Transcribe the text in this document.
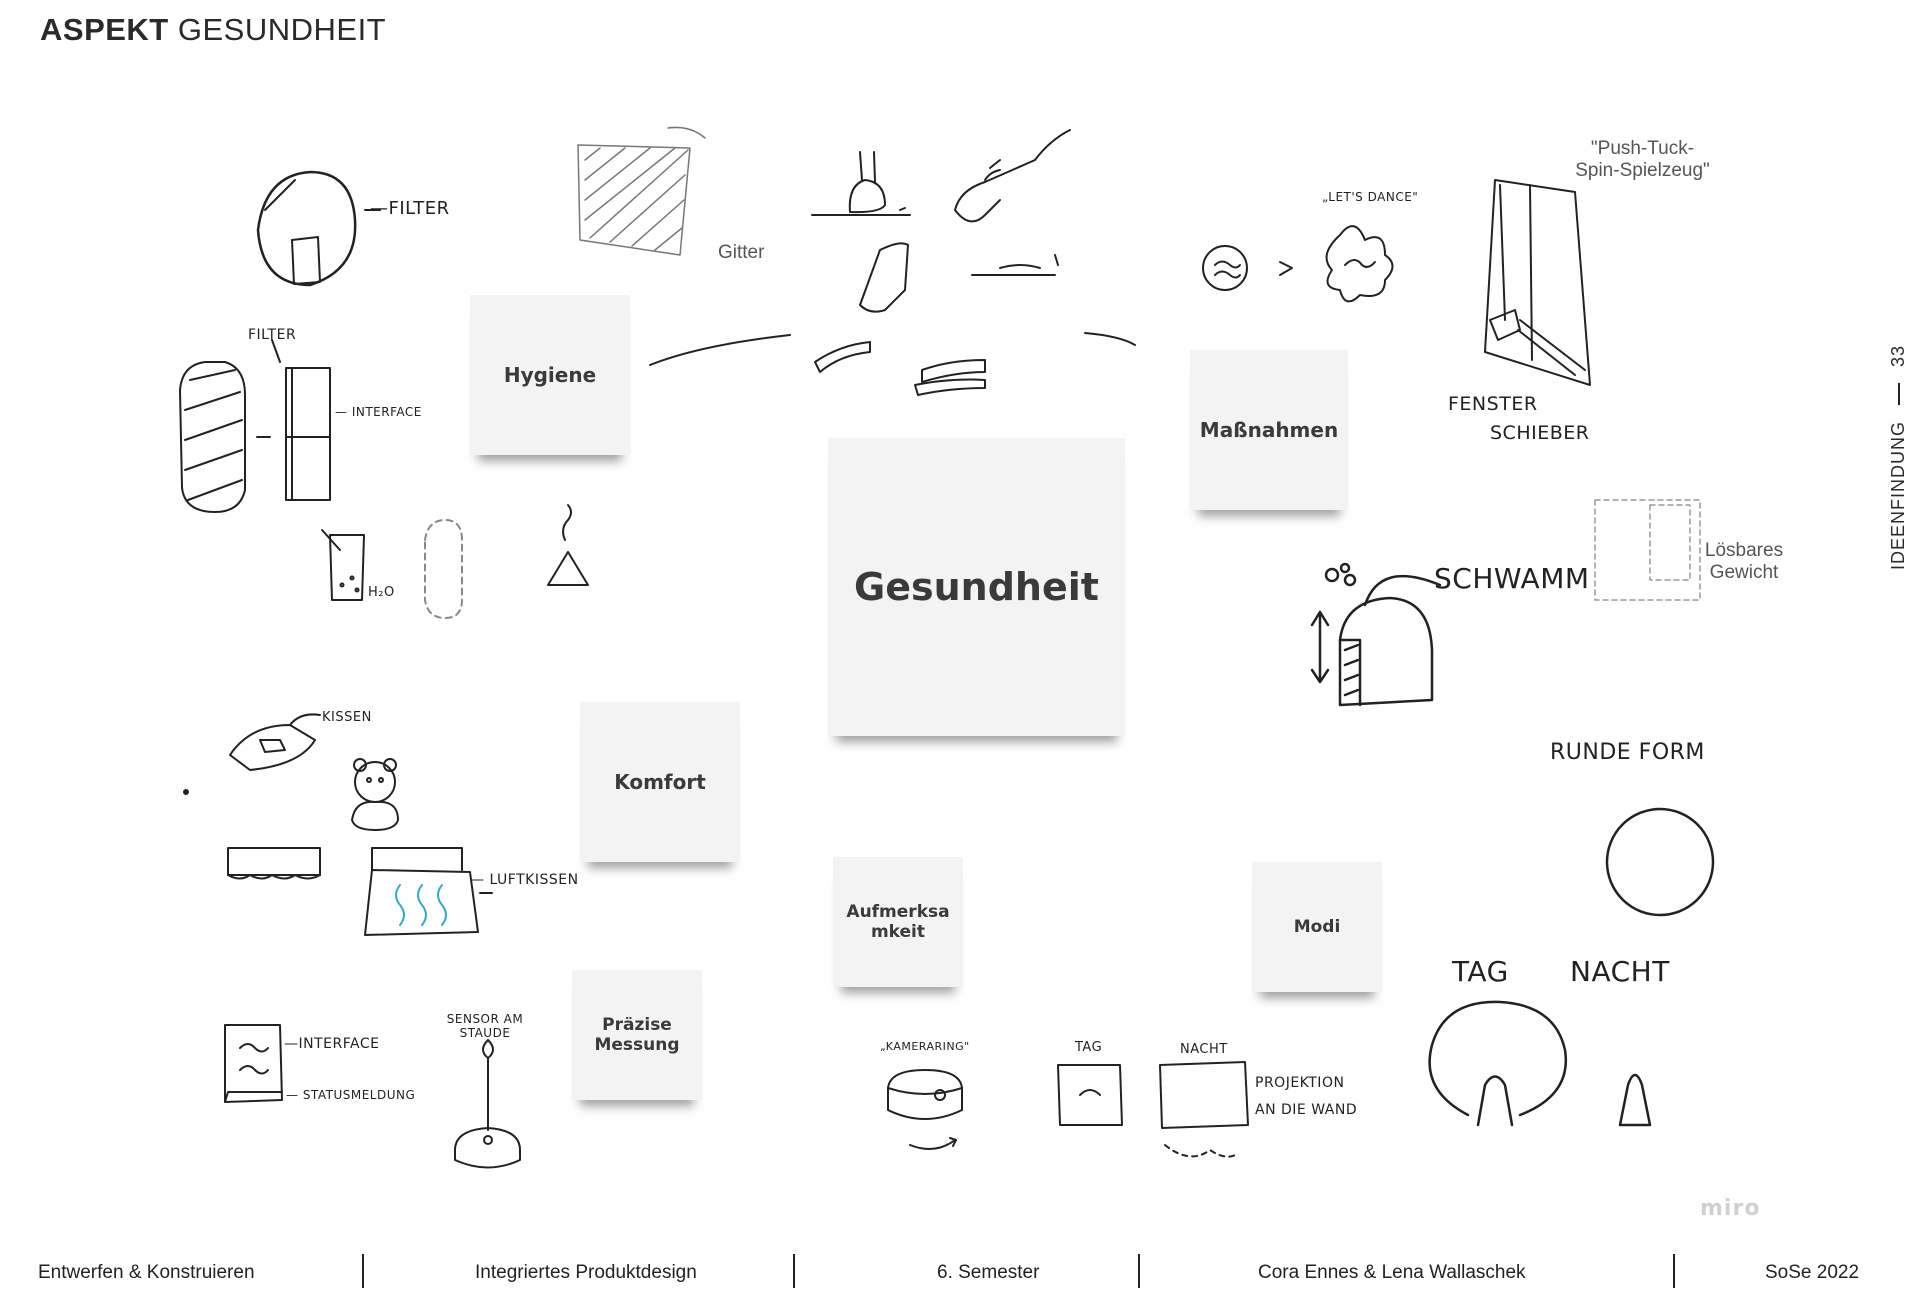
ASPEKT GESUNDHEIT
IDEENFINDUNG
33
—FILTER
FILTER
— INTERFACE
H₂O
„LET'S DANCE"
FENSTER
SCHIEBER
SCHWAMM
RUNDE FORM
TAG NACHT
KISSEN
— LUFTKISSEN
—INTERFACE
— STATUSMELDUNG
SENSOR AM STAUDE
„KAMERARING"	TAG	NACHT
PROJEKTION
AN DIE WAND
Gitter
"Push-Tuck-Spin-Spielzeug"
Lösbares Gewicht
Hygiene
Maßnahmen
Gesundheit
Komfort
Aufmerksa mkeit	Modi
Präzise Messung
miro
Entwerfen & Konstruieren	Integriertes Produktdesign	6. Semester	Cora Ennes & Lena Wallaschek	SoSe 2022
